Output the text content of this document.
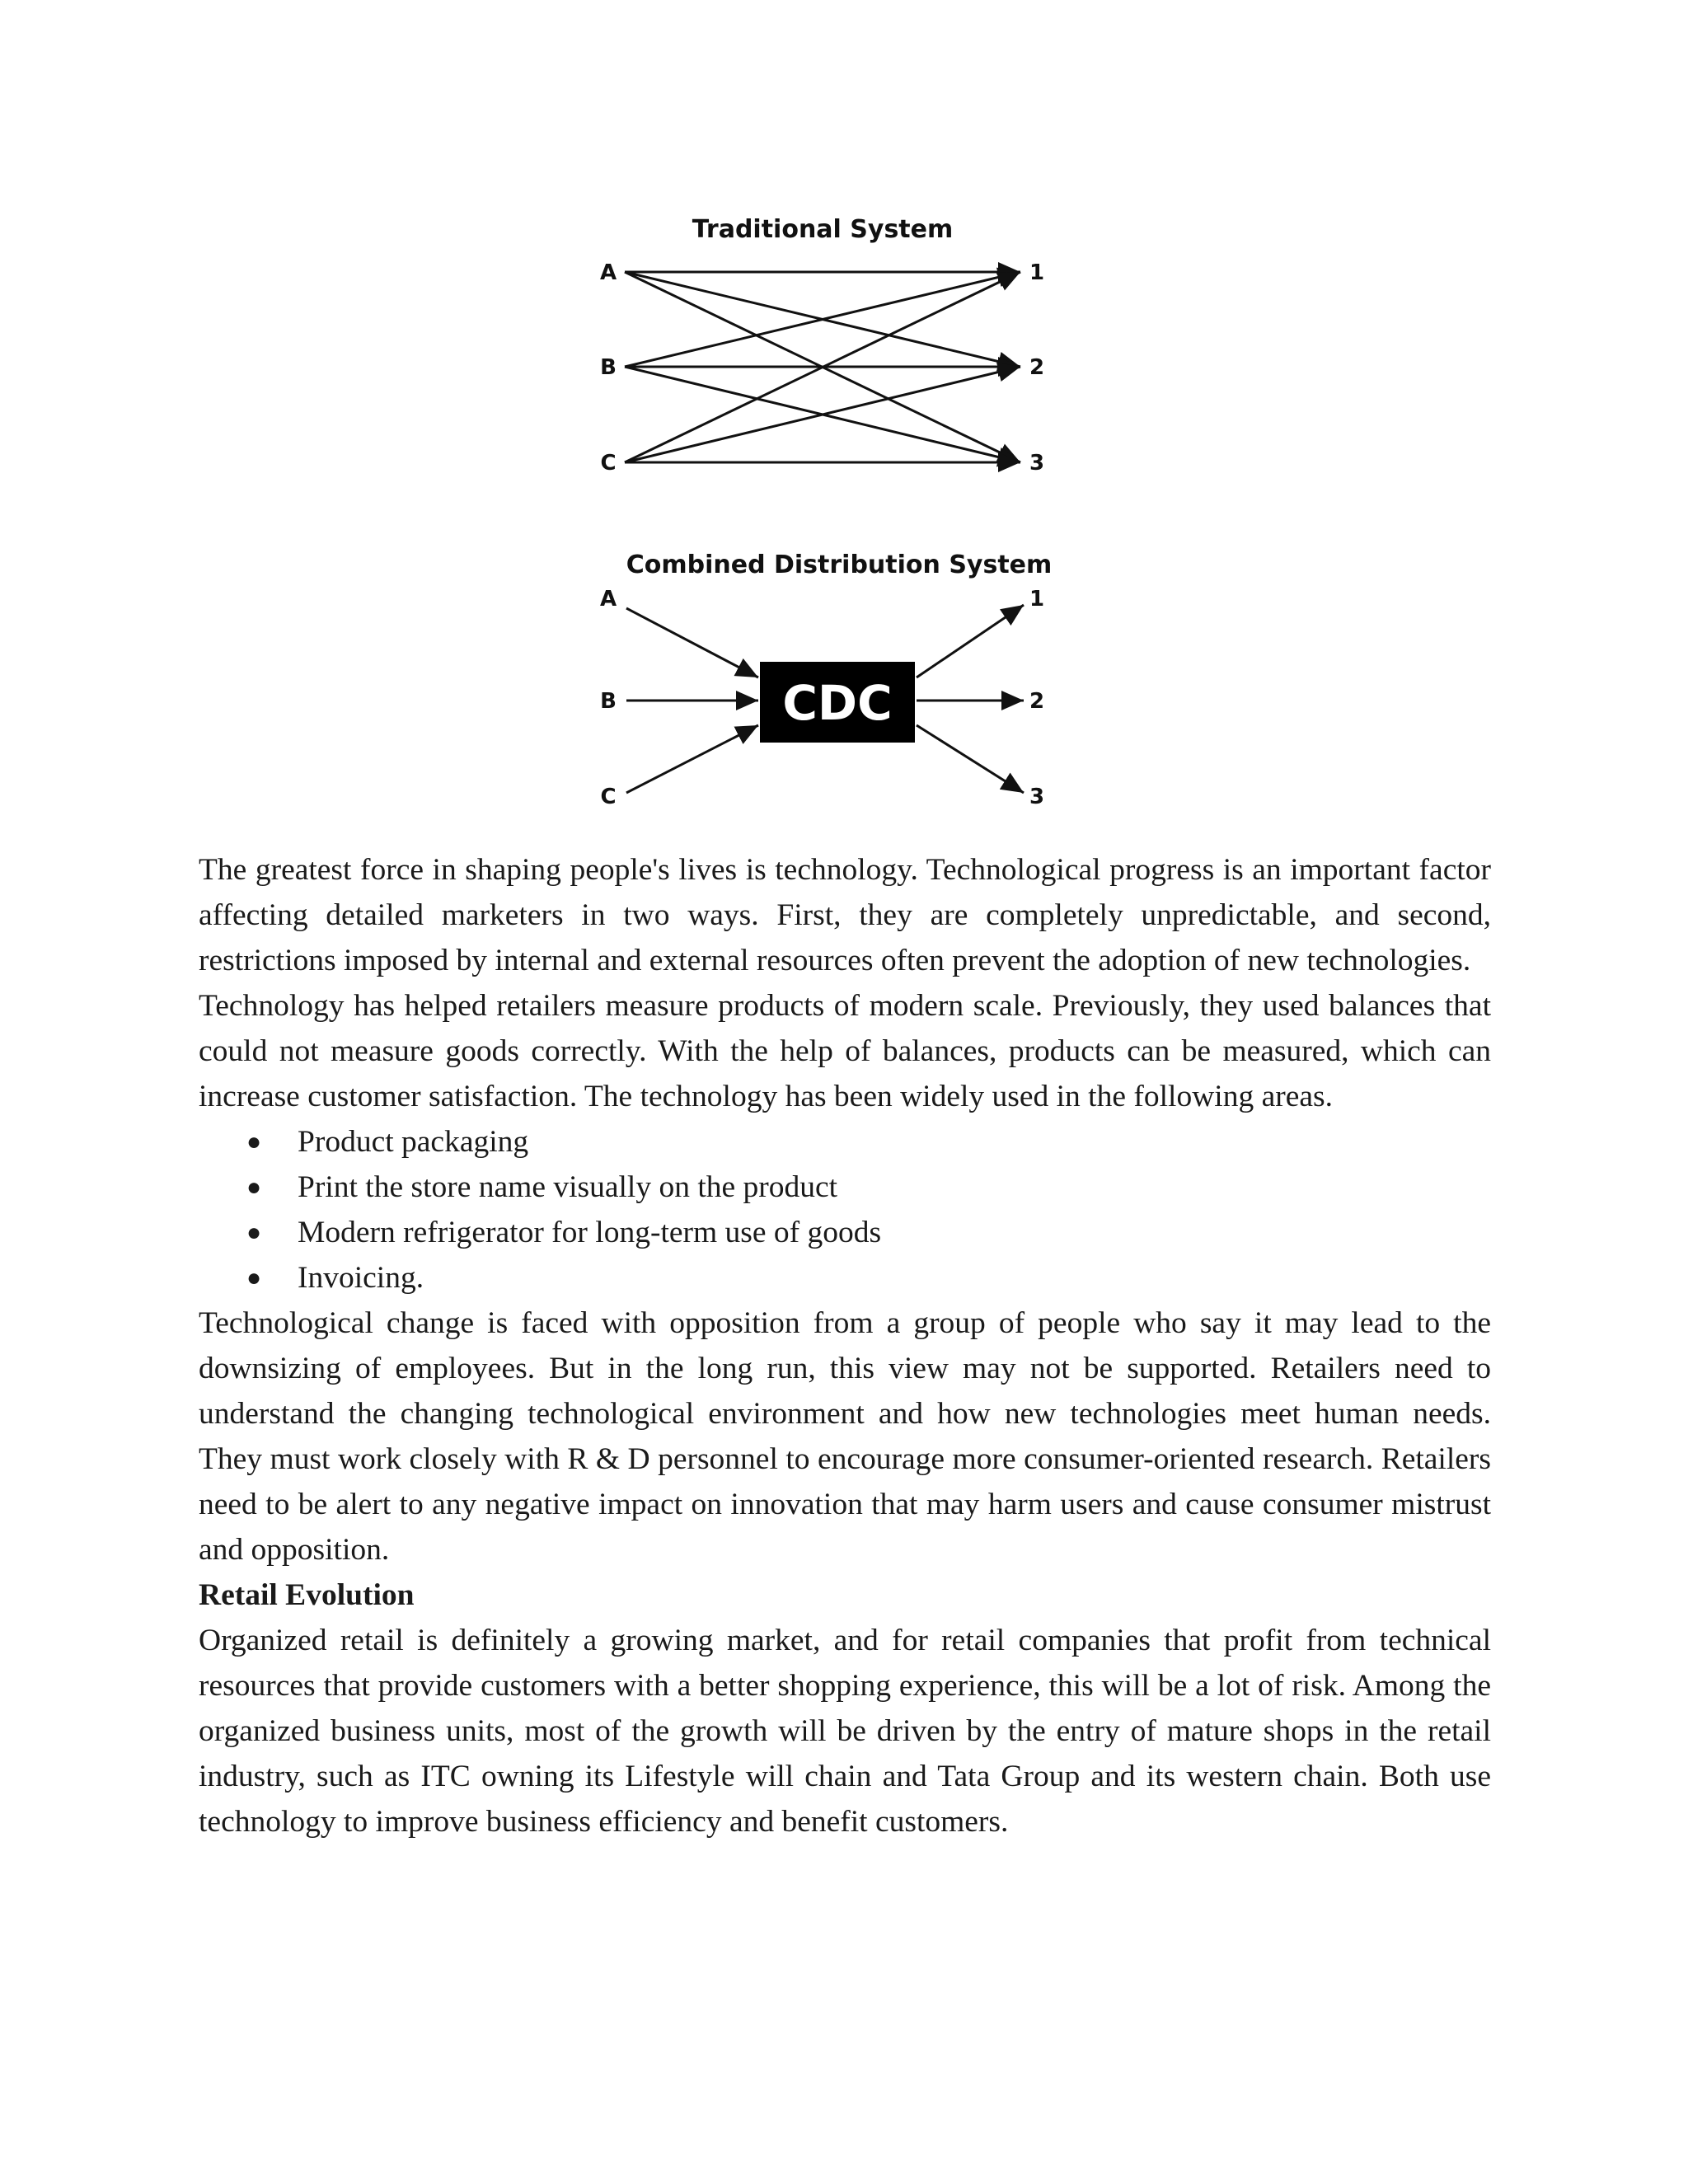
Traditional System
A
B
C
1
2
3
Combined Distribution System
A
B
C
1
2
3
CDC

The greatest force in shaping people's lives is technology. Technological progress is an important factor affecting detailed marketers in two ways. First, they are completely unpredictable, and second, restrictions imposed by internal and external resources often prevent the adoption of new technologies.

Technology has helped retailers measure products of modern scale. Previously, they used balances that could not measure goods correctly. With the help of balances, products can be measured, which can increase customer satisfaction. The technology has been widely used in the following areas.

● Product packaging
● Print the store name visually on the product
● Modern refrigerator for long-term use of goods
● Invoicing.

Technological change is faced with opposition from a group of people who say it may lead to the downsizing of employees. But in the long run, this view may not be supported. Retailers need to understand the changing technological environment and how new technologies meet human needs. They must work closely with R & D personnel to encourage more consumer-oriented research. Retailers need to be alert to any negative impact on innovation that may harm users and cause consumer mistrust and opposition.

Retail Evolution

Organized retail is definitely a growing market, and for retail companies that profit from technical resources that provide customers with a better shopping experience, this will be a lot of risk. Among the organized business units, most of the growth will be driven by the entry of mature shops in the retail industry, such as ITC owning its Lifestyle will chain and Tata Group and its western chain. Both use technology to improve business efficiency and benefit customers.
